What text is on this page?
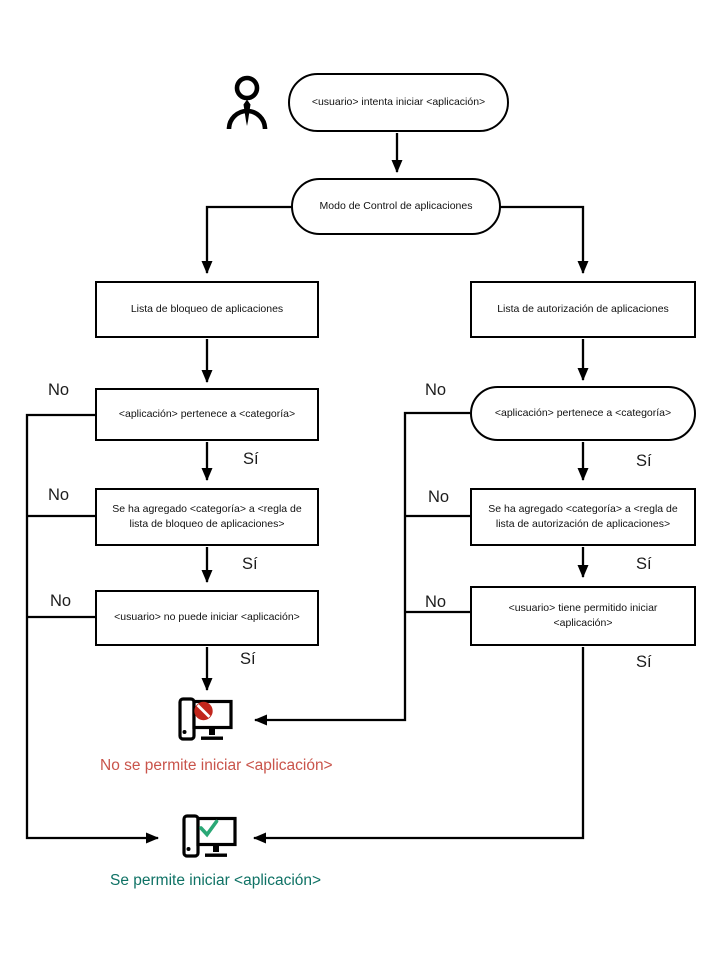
<usuario> intenta iniciar <aplicación>
Modo de Control de aplicaciones
Lista de bloqueo de aplicaciones	Lista de autorización de aplicaciones
<aplicación> pertenece a <categoría>	<aplicación> pertenece a <categoría>
Se ha agregado <categoría> a <regla de lista de bloqueo de aplicaciones>
Se ha agregado <categoría> a <regla de lista de autorización de aplicaciones>
<usuario> no puede iniciar <aplicación>
<usuario> tiene permitido iniciar <aplicación>
No
No
No
No
No
No
Sí
Sí
Sí
Sí
Sí
Sí
No se permite iniciar <aplicación>
Se permite iniciar <aplicación>
